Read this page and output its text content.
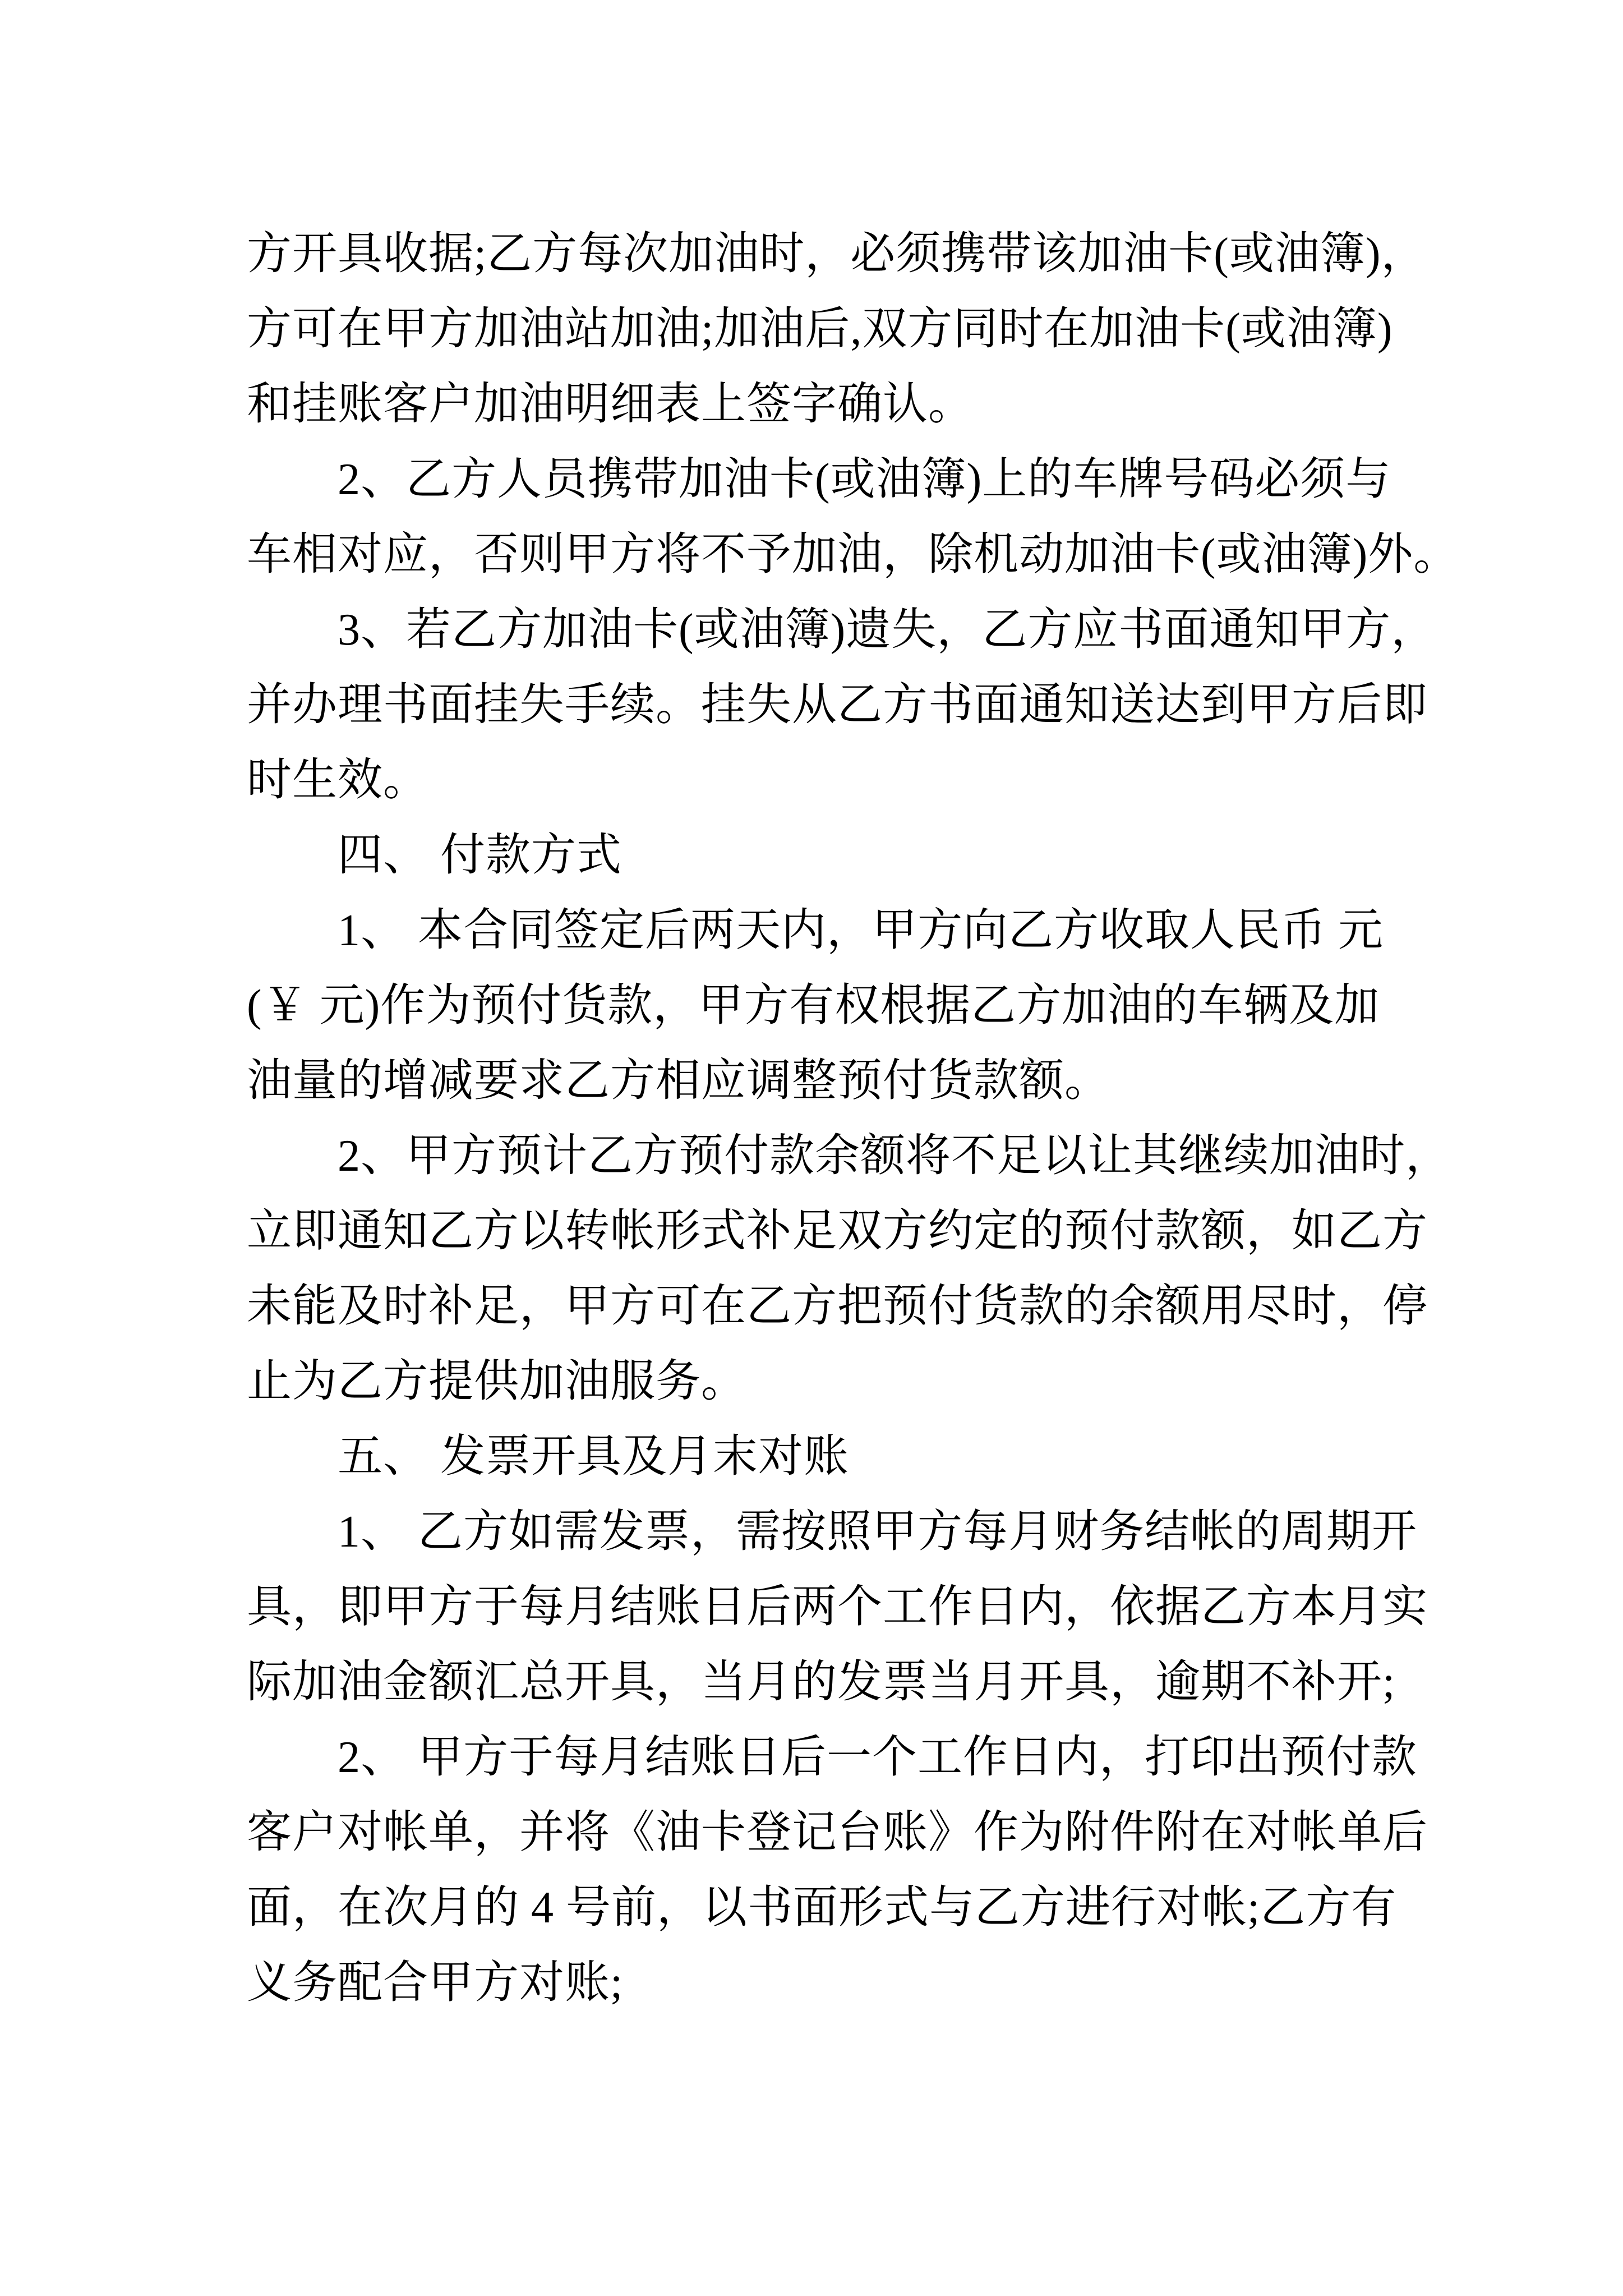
方开具收据;乙方每次加油时，必须携带该加油卡(或油簿)，
方可在甲方加油站加油;加油后,双方同时在加油卡(或油簿)
和挂账客户加油明细表上签字确认。
2、乙方人员携带加油卡(或油簿)上的车牌号码必须与
车相对应，否则甲方将不予加油，除机动加油卡(或油簿)外。
3、若乙方加油卡(或油簿)遗失，乙方应书面通知甲方，
并办理书面挂失手续。挂失从乙方书面通知送达到甲方后即
时生效。
四、 付款方式
1、 本合同签定后两天内，甲方向乙方收取人民币 元
(￥ 元)作为预付货款，甲方有权根据乙方加油的车辆及加
油量的增减要求乙方相应调整预付货款额。
2、甲方预计乙方预付款余额将不足以让其继续加油时，
立即通知乙方以转帐形式补足双方约定的预付款额，如乙方
未能及时补足，甲方可在乙方把预付货款的余额用尽时，停
止为乙方提供加油服务。
五、 发票开具及月末对账
1、 乙方如需发票，需按照甲方每月财务结帐的周期开
具，即甲方于每月结账日后两个工作日内，依据乙方本月实
际加油金额汇总开具，当月的发票当月开具，逾期不补开;
2、 甲方于每月结账日后一个工作日内，打印出预付款
客户对帐单，并将《油卡登记台账》作为附件附在对帐单后
面，在次月的 4 号前，以书面形式与乙方进行对帐;乙方有
义务配合甲方对账;
